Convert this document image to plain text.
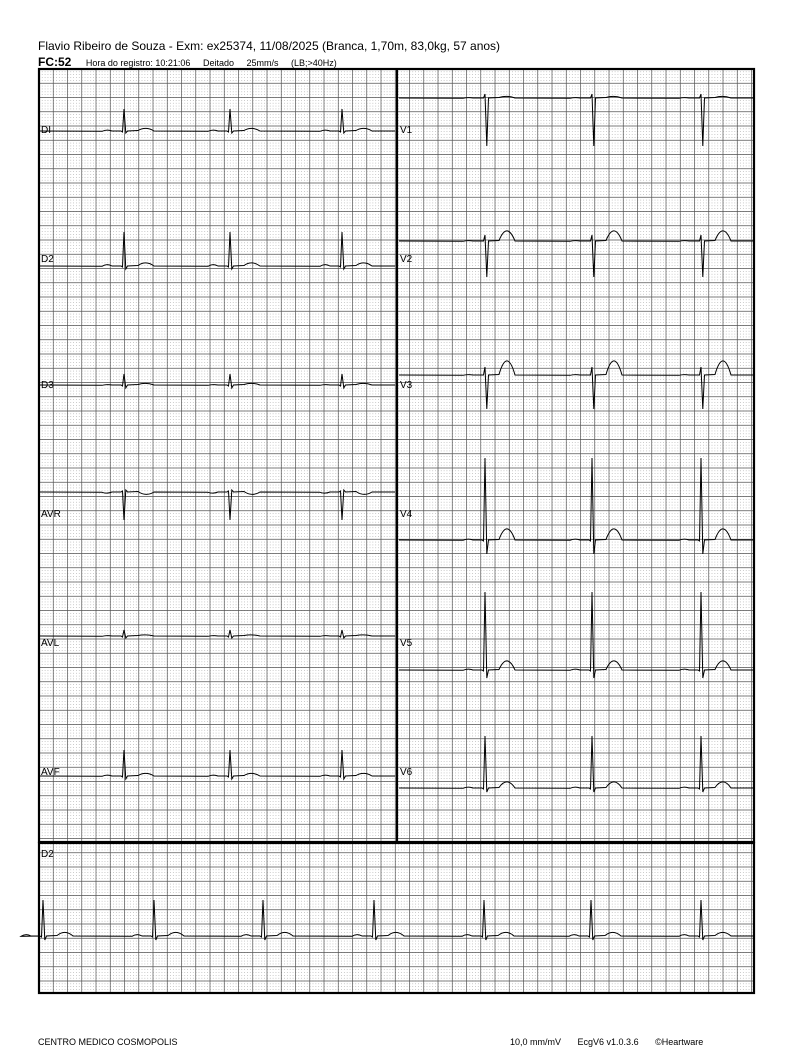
Flavio Ribeiro de Souza - Exm: ex25374, 11/08/2025 (Branca, 1,70m, 83,0kg, 57 anos)
FC:52 Hora do registro: 10:21:06 Deitado 25mm/s (LB;>40Hz)
DI
D2
D3
AVR
AVL
AVF
V1
V2
V3
V4
V5
V6
D2
CENTRO MEDICO COSMOPOLIS	10,0 mm/mV EcgV6 v1.0.3.6 ©Heartware
